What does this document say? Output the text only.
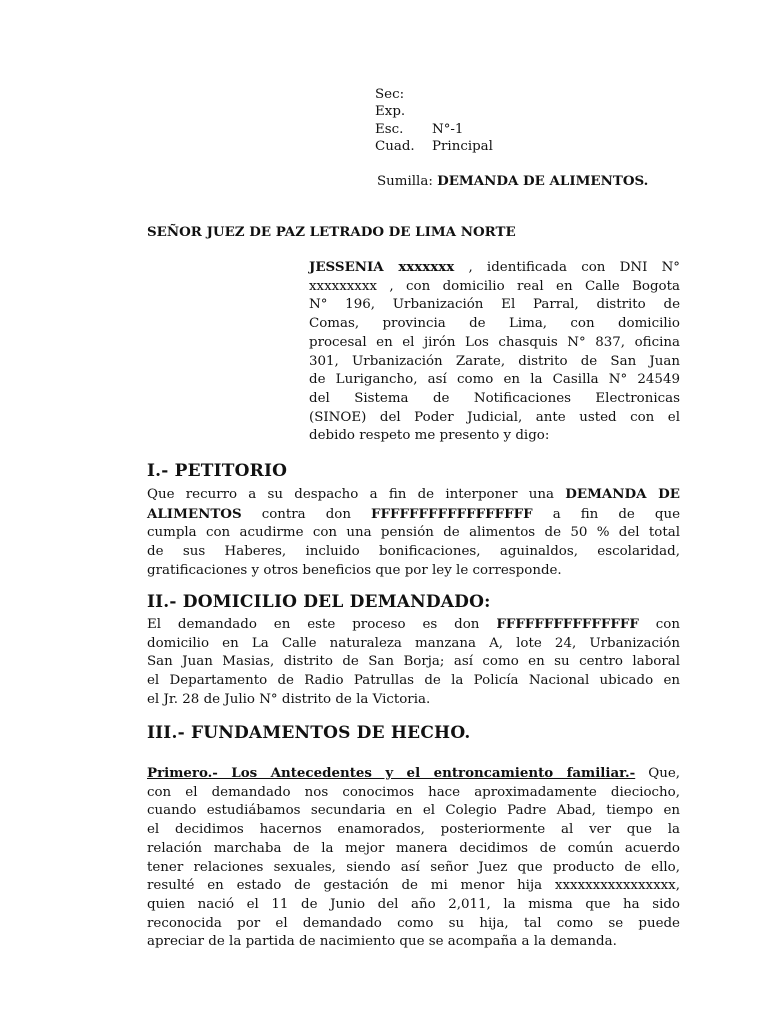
Sec:
Exp.
Esc. N°-1
Cuad. Principal
Sumilla: DEMANDA DE ALIMENTOS.
SEÑOR JUEZ DE PAZ LETRADO DE LIMA NORTE
JESSENIA xxxxxxx , identificada con DNI N°
xxxxxxxxx , con domicilio real en Calle Bogota
N° 196, Urbanización El Parral, distrito de
Comas, provincia de Lima, con domicilio
procesal en el jirón Los chasquis N° 837, oficina
301, Urbanización Zarate, distrito de San Juan
de Lurigancho, así como en la Casilla N° 24549
del Sistema de Notificaciones Electronicas
(SINOE) del Poder Judicial, ante usted con el
debido respeto me presento y digo:
I.- PETITORIO
Que recurro a su despacho a fin de interponer una DEMANDA DE
ALIMENTOS contra don FFFFFFFFFFFFFFFFF a fin de que
cumpla con acudirme con una pensión de alimentos de 50 % del total
de sus Haberes, incluido bonificaciones, aguinaldos, escolaridad,
gratificaciones y otros beneficios que por ley le corresponde.
II.- DOMICILIO DEL DEMANDADO:
El demandado en este proceso es don FFFFFFFFFFFFFFF con
domicilio en La Calle naturaleza manzana A, lote 24, Urbanización
San Juan Masias, distrito de San Borja; así como en su centro laboral
el Departamento de Radio Patrullas de la Policía Nacional ubicado en
el Jr. 28 de Julio N° distrito de la Victoria.
III.- FUNDAMENTOS DE HECHO.
Primero.- Los Antecedentes y el entroncamiento familiar.- Que,
con el demandado nos conocimos hace aproximadamente dieciocho,
cuando estudiábamos secundaria en el Colegio Padre Abad, tiempo en
el decidimos hacernos enamorados, posteriormente al ver que la
relación marchaba de la mejor manera decidimos de común acuerdo
tener relaciones sexuales, siendo así señor Juez que producto de ello,
resulté en estado de gestación de mi menor hija xxxxxxxxxxxxxxxx,
quien nació el 11 de Junio del año 2,011, la misma que ha sido
reconocida por el demandado como su hija, tal como se puede
apreciar de la partida de nacimiento que se acompaña a la demanda.
